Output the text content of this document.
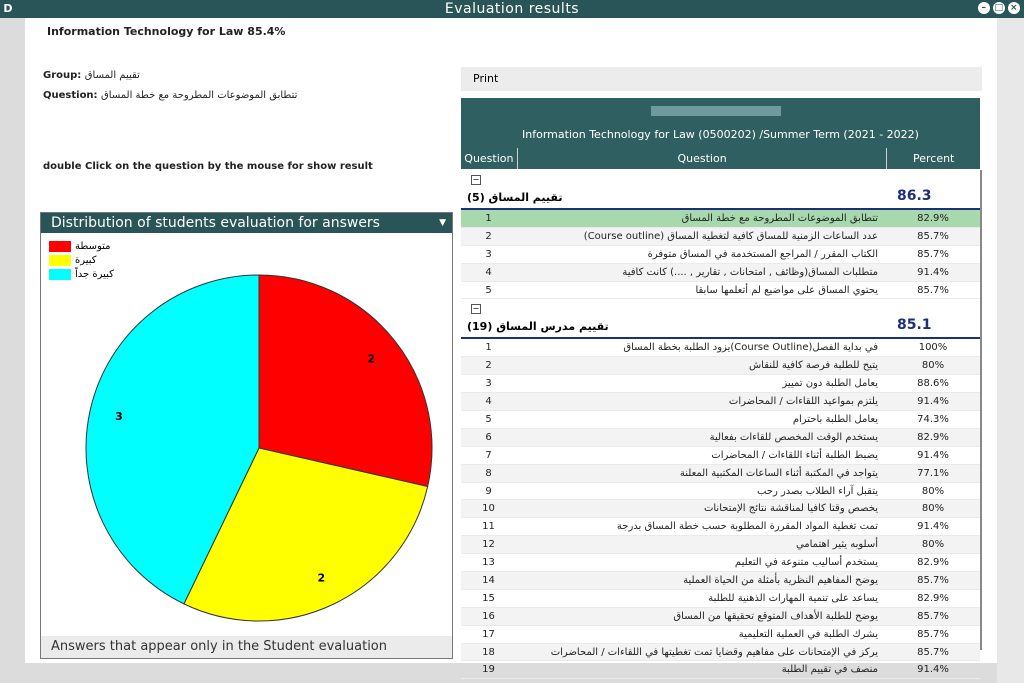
Evaluation results	– □ ×
D
Information Technology for Law 85.4%
Group: تقييم المساق
Question: تتطابق الموضوعات المطروحة مع خطة المساق
double Click on the question by the mouse for show result
Print
Information Technology for Law (0500202) /Summer Term (2021 - 2022)
Question	Question	Percent
−
تقييم المساق (5)	86.3
1	تتطابق الموضوعات المطروحة مع خطة المساق	82.9%
2	عدد الساعات الزمنية للمساق كافية لتغطية المساق (Course outline)	85.7%
3	الكتاب المقرر / المراجع المستخدمة في المساق متوفرة	85.7%
4	متطلبات المساق(وظائف , امتحانات , تقارير , ....) كانت كافية	91.4%
5	يحتوي المساق على مواضيع لم أتعلمها سابقا	85.7%
−
تقييم مدرس المساق (19)	85.1
1	في بداية الفصل(Course Outline)يزود الطلبة بخطة المساق	100%
2	يتيح للطلبة فرصة كافية للنقاش	80%
3	يعامل الطلبة دون تمييز	88.6%
4	يلتزم بمواعيد اللقاءات / المحاضرات	91.4%
5	يعامل الطلبة باحترام	74.3%
6	يستخدم الوقت المخصص للقاءات بفعالية	82.9%
7	يضبط الطلبة أثناء اللقاءات / المحاضرات	91.4%
8	يتواجد في المكتبة أثناء الساعات المكتبية المعلنة	77.1%
9	يتقبل آراء الطلاب بصدر رحب	80%
10	يخصص وقتا كافيا لمناقشة نتائج الإمتحانات	80%
11	تمت تغطية المواد المقررة المطلوبة حسب خطة المساق بدرجة	91.4%
12	أسلوبه يثير اهتمامي	80%
13	يستخدم أساليب متنوعة في التعليم	82.9%
14	يوضح المفاهيم النظرية بأمثلة من الحياة العملية	85.7%
15	يساعد على تنمية المهارات الذهنية للطلبة	82.9%
16	يوضح للطلبة الأهداف المتوقع تحقيقها من المساق	85.7%
17	يشرك الطلبة في العملية التعليمية	85.7%
18	يركز في الإمتحانات على مفاهيم وقضايا تمت تغطيتها في اللقاءات / المحاضرات	85.7%
19	منصف في تقييم الطلبة	91.4%
Distribution of students evaluation for answers	▼
متوسطة
كبيرة
كبيرة جداً
2
2
3
Answers that appear only in the Student evaluation
